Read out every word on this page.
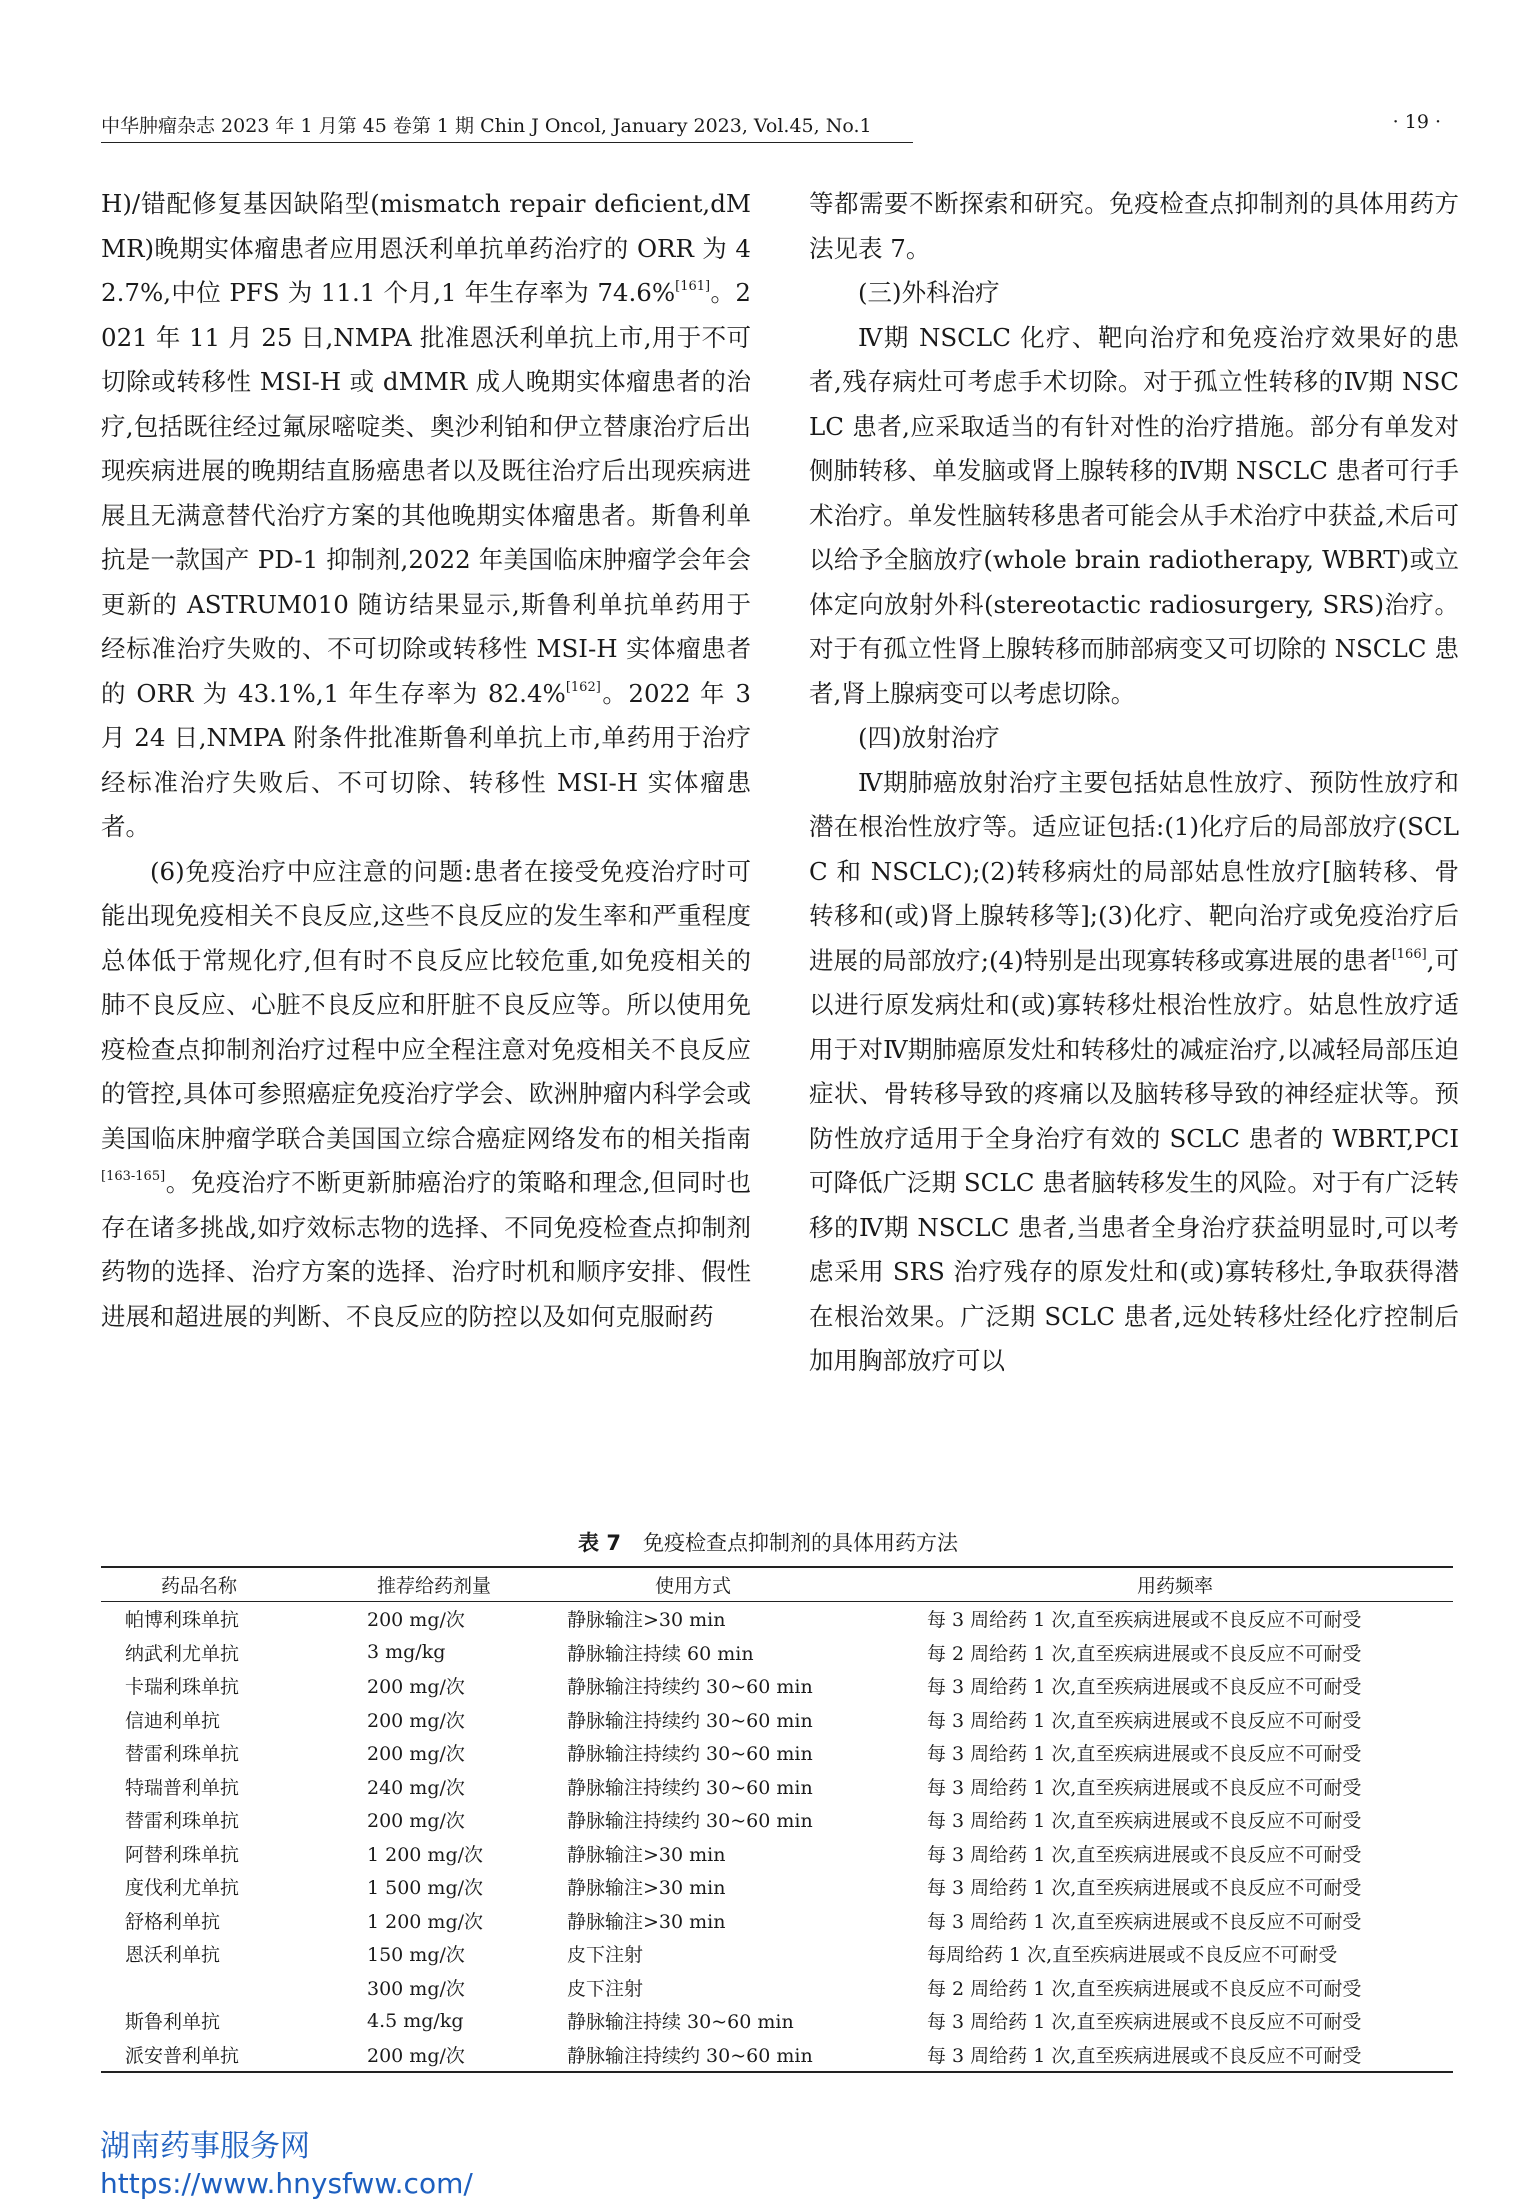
中华肿瘤杂志 2023 年 1 月第 45 卷第 1 期 Chin J Oncol, January 2023, Vol.45, No.1	· 19 ·

H)/错配修复基因缺陷型(mismatch repair deficient,dMMR)晚期实体瘤患者应用恩沃利单抗单药治疗的 ORR 为 42.7%,中位 PFS 为 11.1 个月,1 年生存率为 74.6%[161]。2021 年 11 月 25 日,NMPA 批准恩沃利单抗上市,用于不可切除或转移性 MSI-H 或 dMMR 成人晚期实体瘤患者的治疗,包括既往经过氟尿嘧啶类、奥沙利铂和伊立替康治疗后出现疾病进展的晚期结直肠癌患者以及既往治疗后出现疾病进展且无满意替代治疗方案的其他晚期实体瘤患者。斯鲁利单抗是一款国产 PD-1 抑制剂,2022 年美国临床肿瘤学会年会更新的 ASTRUM010 随访结果显示,斯鲁利单抗单药用于经标准治疗失败的、不可切除或转移性 MSI-H 实体瘤患者的 ORR 为 43.1%,1 年生存率为 82.4%[162]。2022 年 3 月 24 日,NMPA 附条件批准斯鲁利单抗上市,单药用于治疗经标准治疗失败后、不可切除、转移性 MSI-H 实体瘤患者。

(6)免疫治疗中应注意的问题:患者在接受免疫治疗时可能出现免疫相关不良反应,这些不良反应的发生率和严重程度总体低于常规化疗,但有时不良反应比较危重,如免疫相关的肺不良反应、心脏不良反应和肝脏不良反应等。所以使用免疫检查点抑制剂治疗过程中应全程注意对免疫相关不良反应的管控,具体可参照癌症免疫治疗学会、欧洲肿瘤内科学会或美国临床肿瘤学联合美国国立综合癌症网络发布的相关指南[163-165]。免疫治疗不断更新肺癌治疗的策略和理念,但同时也存在诸多挑战,如疗效标志物的选择、不同免疫检查点抑制剂药物的选择、治疗方案的选择、治疗时机和顺序安排、假性进展和超进展的判断、不良反应的防控以及如何克服耐药

等都需要不断探索和研究。免疫检查点抑制剂的具体用药方法见表 7。

(三)外科治疗

Ⅳ期 NSCLC 化疗、靶向治疗和免疫治疗效果好的患者,残存病灶可考虑手术切除。对于孤立性转移的Ⅳ期 NSCLC 患者,应采取适当的有针对性的治疗措施。部分有单发对侧肺转移、单发脑或肾上腺转移的Ⅳ期 NSCLC 患者可行手术治疗。单发性脑转移患者可能会从手术治疗中获益,术后可以给予全脑放疗(whole brain radiotherapy, WBRT)或立体定向放射外科(stereotactic radiosurgery, SRS)治疗。对于有孤立性肾上腺转移而肺部病变又可切除的 NSCLC 患者,肾上腺病变可以考虑切除。

(四)放射治疗

Ⅳ期肺癌放射治疗主要包括姑息性放疗、预防性放疗和潜在根治性放疗等。适应证包括:(1)化疗后的局部放疗(SCLC 和 NSCLC);(2)转移病灶的局部姑息性放疗[脑转移、骨转移和(或)肾上腺转移等];(3)化疗、靶向治疗或免疫治疗后进展的局部放疗;(4)特别是出现寡转移或寡进展的患者[166],可以进行原发病灶和(或)寡转移灶根治性放疗。姑息性放疗适用于对Ⅳ期肺癌原发灶和转移灶的减症治疗,以减轻局部压迫症状、骨转移导致的疼痛以及脑转移导致的神经症状等。预防性放疗适用于全身治疗有效的 SCLC 患者的 WBRT,PCI 可降低广泛期 SCLC 患者脑转移发生的风险。对于有广泛转移的Ⅳ期 NSCLC 患者,当患者全身治疗获益明显时,可以考虑采用 SRS 治疗残存的原发灶和(或)寡转移灶,争取获得潜在根治效果。广泛期 SCLC 患者,远处转移灶经化疗控制后加用胸部放疗可以

表 7 免疫检查点抑制剂的具体用药方法
药品名称	推荐给药剂量	使用方式	用药频率
帕博利珠单抗	200 mg/次	静脉输注>30 min	每 3 周给药 1 次,直至疾病进展或不良反应不可耐受
纳武利尤单抗	3 mg/kg	静脉输注持续 60 min	每 2 周给药 1 次,直至疾病进展或不良反应不可耐受
卡瑞利珠单抗	200 mg/次	静脉输注持续约 30~60 min	每 3 周给药 1 次,直至疾病进展或不良反应不可耐受
信迪利单抗	200 mg/次	静脉输注持续约 30~60 min	每 3 周给药 1 次,直至疾病进展或不良反应不可耐受
替雷利珠单抗	200 mg/次	静脉输注持续约 30~60 min	每 3 周给药 1 次,直至疾病进展或不良反应不可耐受
特瑞普利单抗	240 mg/次	静脉输注持续约 30~60 min	每 3 周给药 1 次,直至疾病进展或不良反应不可耐受
替雷利珠单抗	200 mg/次	静脉输注持续约 30~60 min	每 3 周给药 1 次,直至疾病进展或不良反应不可耐受
阿替利珠单抗	1 200 mg/次	静脉输注>30 min	每 3 周给药 1 次,直至疾病进展或不良反应不可耐受
度伐利尤单抗	1 500 mg/次	静脉输注>30 min	每 3 周给药 1 次,直至疾病进展或不良反应不可耐受
舒格利单抗	1 200 mg/次	静脉输注>30 min	每 3 周给药 1 次,直至疾病进展或不良反应不可耐受
恩沃利单抗	150 mg/次	皮下注射	每周给药 1 次,直至疾病进展或不良反应不可耐受
	300 mg/次	皮下注射	每 2 周给药 1 次,直至疾病进展或不良反应不可耐受
斯鲁利单抗	4.5 mg/kg	静脉输注持续 30~60 min	每 3 周给药 1 次,直至疾病进展或不良反应不可耐受
派安普利单抗	200 mg/次	静脉输注持续约 30~60 min	每 3 周给药 1 次,直至疾病进展或不良反应不可耐受
湖南药事服务网
https://www.hnysfww.com/
